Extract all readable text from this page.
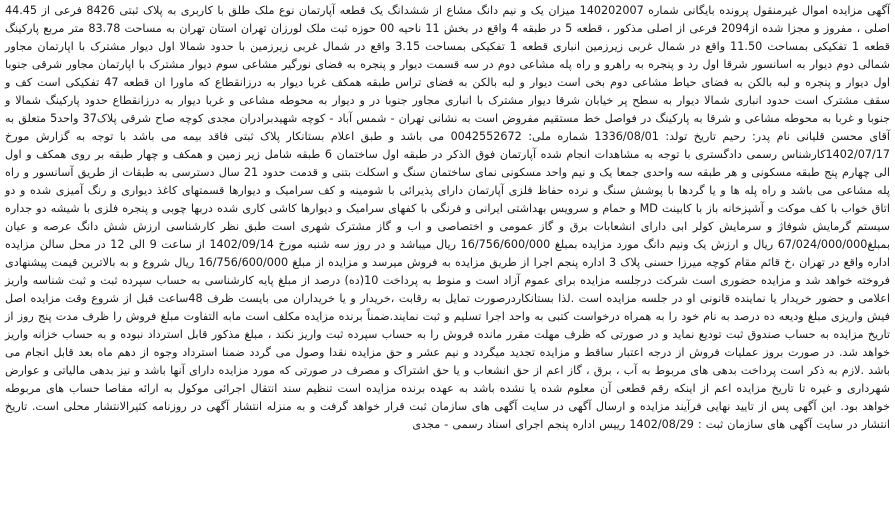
آگهی مزایده اموال غیرمنقول پرونده بایگانی شماره 140202007 میزان یک و نیم دانگ مشاع از ششدانگ یک قطعه آپارتمان نوع ملک طلق با کاربری به پلاک ثبتی 8426 فرعی از 44.45 اصلی ، مفروز و مجزا شده از2094 فرعی از اصلی مذکور ، قطعه 5 در طبقه 4 واقع در بخش 11 ناحیه 00 حوزه ثبت ملک لورزان تهران استان تهران به مساحت 83.78 متر مربع پارکینگ قطعه 1 تفکیکی بمساحت 11.50 واقع در شمال غربی زیرزمین انباری قطعه 1 تفکیکی بمساحت 3.15 واقع در شمال غربی زیرزمین با حدود شمالا اول دیوار مشترک با اپارتمان مجاور شمالی دوم دیوار به اسانسور شرقا اول رد و پنجره به راهرو و راه پله مشاعی دوم در سه قسمت دیوار و پنجره به فضای نورگیر مشاعی سوم دیوار مشترک با اپارتمان مجاور شرقی جنوبا اول دیوار و پنجره و لبه بالکن به فضای حیاط مشاعی دوم بخی است دیوار و لبه بالکن به فضای تراس طبقه همکف غربا دیوار به درزانقطاع که ماورا ان قطعه 47 تفکیکی است کف و سقف مشترک است حدود انباری شمالا دیوار به سطح پر خیابان شرقا دیوار مشترک با انباری مجاور جنوبا در و دیوار به محوطه مشاعی و غربا دیوار به درزانقطاع حدود پارکینگ شمالا و جنوبا و غربا به محوطه مشاعی و شرقا به پارکینگ در فواصل خط مستقیم مفروض است به نشانی تهران - شمس آباد - کوچه شهیدبرادران مجدی کوچه صاح شرقی پلاک37 واحد5 متعلق به آقای محسن قلیانی نام پدر: رحیم تاریخ تولد: 1336/08/01 شماره ملی: 0042552672 می باشد و طبق اعلام بستانکار پلاک ثبتی فاقد بیمه می باشد با توجه به گزارش مورخ 1402/07/17کارشناس رسمی دادگستری با توجه به مشاهدات انجام شده آپارتمان فوق الذکر در طبقه اول ساختمان 6 طبقه شامل زیر زمین و همکف و چهار طبقه بر روی همکف و اول الی چهارم پنج طبقه مسکونی و هر طبقه سه واحدی جمعا یک و نیم واحد مسکونی نمای ساختمان سنگ و اسکلت بتنی و قدمت حدود 21 سال دسترسی به طبقات از طریق آسانسور و راه پله مشاعی می باشد و راه پله ها و یا گردها با پوشش سنگ و نرده حفاظ فلزی آپارتمان دارای پذیرائی با شومینه و کف سرامیک و دیوارها قسمتهای کاغذ دیواری و رنگ آمیزی شده و دو اتاق خواب با کف موکت و آشپزخانه باز با کابینت MD و حمام و سرویس بهداشتی ایرانی و فرنگی با کفهای سرامیک و دیوارها کاشی کاری شده دربها چوبی و پنجره فلزی با شیشه دو جداره سیستم گرمایش شوفاژ و سرمایش کولر ابی دارای انشعابات برق و گاز عمومی و اختصاصی و اب و گاز مشترک شهری است طبق نظر کارشناسی ارزش شش دانگ عرصه و عیان بمبلغ67/024/000/000 ریال و ارزش یک ونیم دانگ مورد مزایده بمبلغ 16/756/600/000 ریال میباشد و در روز سه شنبه مورخ 1402/09/14 از ساعت 9 الی 12 در محل سالن مزایده اداره واقع در تهران ،خ قائم مقام کوچه میرزا حسنی پلاک 3 اداره پنجم اجرا از طریق مزایده به فروش میرسد و مزایده از مبلغ 16/756/600/000 ریال شروع و به بالاترین قیمت پیشنهادی فروخته خواهد شد و مزایده حضوری است شرکت درجلسه مزایده برای عموم آزاد است و منوط به پرداخت 10(ده) درصد از مبلغ پایه کارشناسی به حساب سپرده ثبت و ثبت شناسه واریز اعلامی و حضور خریدار یا نماینده قانونی او در جلسه مزایده است .لذا بستانکاردرصورت تمایل به رقابت ،خریدار و یا خریداران می بایست ظرف 48ساعت قبل از شروع وقت مزایده اصل فیش واریزی مبلغ ودیعه ده درصد به نام خود را به همراه درخواست کتبی به واحد اجرا تسلیم و ثبت نمایند.ضمناً برنده مزایده مکلف است مابه التفاوت مبلغ فروش را ظرف مدت پنج روز از تاریخ مزایده به حساب صندوق ثبت تودیع نماید و در صورتی که ظرف مهلت مقرر مانده فروش را به حساب سپرده ثبت واریز نکند ، مبلغ مذکور قابل استرداد نبوده و به حساب خزانه واریز خواهد شد. در صورت بروز عملیات فروش از درجه اعتبار ساقط و مزایده تجدید میگردد و نیم عشر و حق مزایده نقدا وصول می گردد ضمنا استرداد وجوه از دهم ماه بعد قابل انجام می باشد .لازم به ذکر است پرداخت بدهی های مربوط به آب ، برق ، گاز اعم از حق انشعاب و یا حق اشتراک و مصرف در صورتی که مورد مزایده دارای آنها باشد و نیز بدهی مالیاتی و عوارض شهرداری و غیره تا تاریخ مزایده اعم از اینکه رقم قطعی آن معلوم شده یا نشده باشد به عهده برنده مزایده است تنظیم سند انتقال اجرائی موکول به ارائه مفاصا حساب های مربوطه خواهد بود. این آگهی پس از تایید نهایی فرآیند مزایده و ارسال آگهی در سایت آگهی های سازمان ثبت قرار خواهد گرفت و به منزله انتشار آگهی در روزنامه کثیرالانتشار محلی است. تاریخ انتشار در سایت آگهی های سازمان ثبت : 1402/08/29 رییس اداره پنجم اجرای اسناد رسمی - مجدی
